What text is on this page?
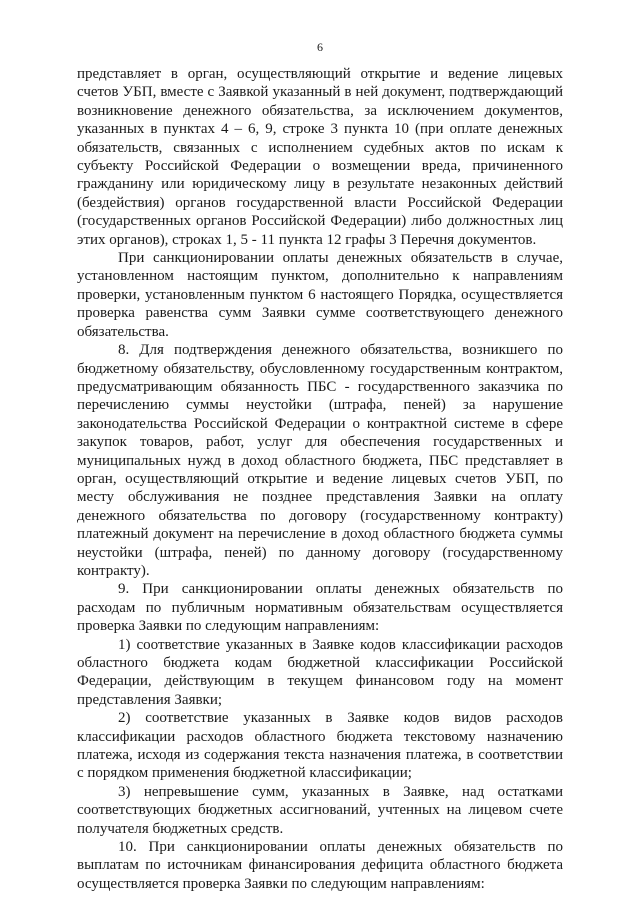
6

представляет в орган, осуществляющий открытие и ведение лицевых счетов УБП, вместе с Заявкой указанный в ней документ, подтверждающий возникновение денежного обязательства, за исключением документов, указанных в пунктах 4 – 6, 9, строке 3 пункта 10 (при оплате денежных обязательств, связанных с исполнением судебных актов по искам к субъекту Российской Федерации о возмещении вреда, причиненного гражданину или юридическому лицу в результате незаконных действий (бездействия) органов государственной власти Российской Федерации (государственных органов Российской Федерации) либо должностных лиц этих органов), строках 1, 5 - 11 пункта 12 графы 3 Перечня документов.

При санкционировании оплаты денежных обязательств в случае, установленном настоящим пунктом, дополнительно к направлениям проверки, установленным пунктом 6 настоящего Порядка, осуществляется проверка равенства сумм Заявки сумме соответствующего денежного обязательства.

8. Для подтверждения денежного обязательства, возникшего по бюджетному обязательству, обусловленному государственным контрактом, предусматривающим обязанность ПБС - государственного заказчика по перечислению суммы неустойки (штрафа, пеней) за нарушение законодательства Российской Федерации о контрактной системе в сфере закупок товаров, работ, услуг для обеспечения государственных и муниципальных нужд в доход областного бюджета, ПБС представляет в орган, осуществляющий открытие и ведение лицевых счетов УБП, по месту обслуживания не позднее представления Заявки на оплату денежного обязательства по договору (государственному контракту) платежный документ на перечисление в доход областного бюджета суммы неустойки (штрафа, пеней) по данному договору (государственному контракту).

9. При санкционировании оплаты денежных обязательств по расходам по публичным нормативным обязательствам осуществляется проверка Заявки по следующим направлениям:

1) соответствие указанных в Заявке кодов классификации расходов областного бюджета кодам бюджетной классификации Российской Федерации, действующим в текущем финансовом году на момент представления Заявки;

2) соответствие указанных в Заявке кодов видов расходов классификации расходов областного бюджета текстовому назначению платежа, исходя из содержания текста назначения платежа, в соответствии с порядком применения бюджетной классификации;

3) непревышение сумм, указанных в Заявке, над остатками соответствующих бюджетных ассигнований, учтенных на лицевом счете получателя бюджетных средств.

10. При санкционировании оплаты денежных обязательств по выплатам по источникам финансирования дефицита областного бюджета осуществляется проверка Заявки по следующим направлениям:
